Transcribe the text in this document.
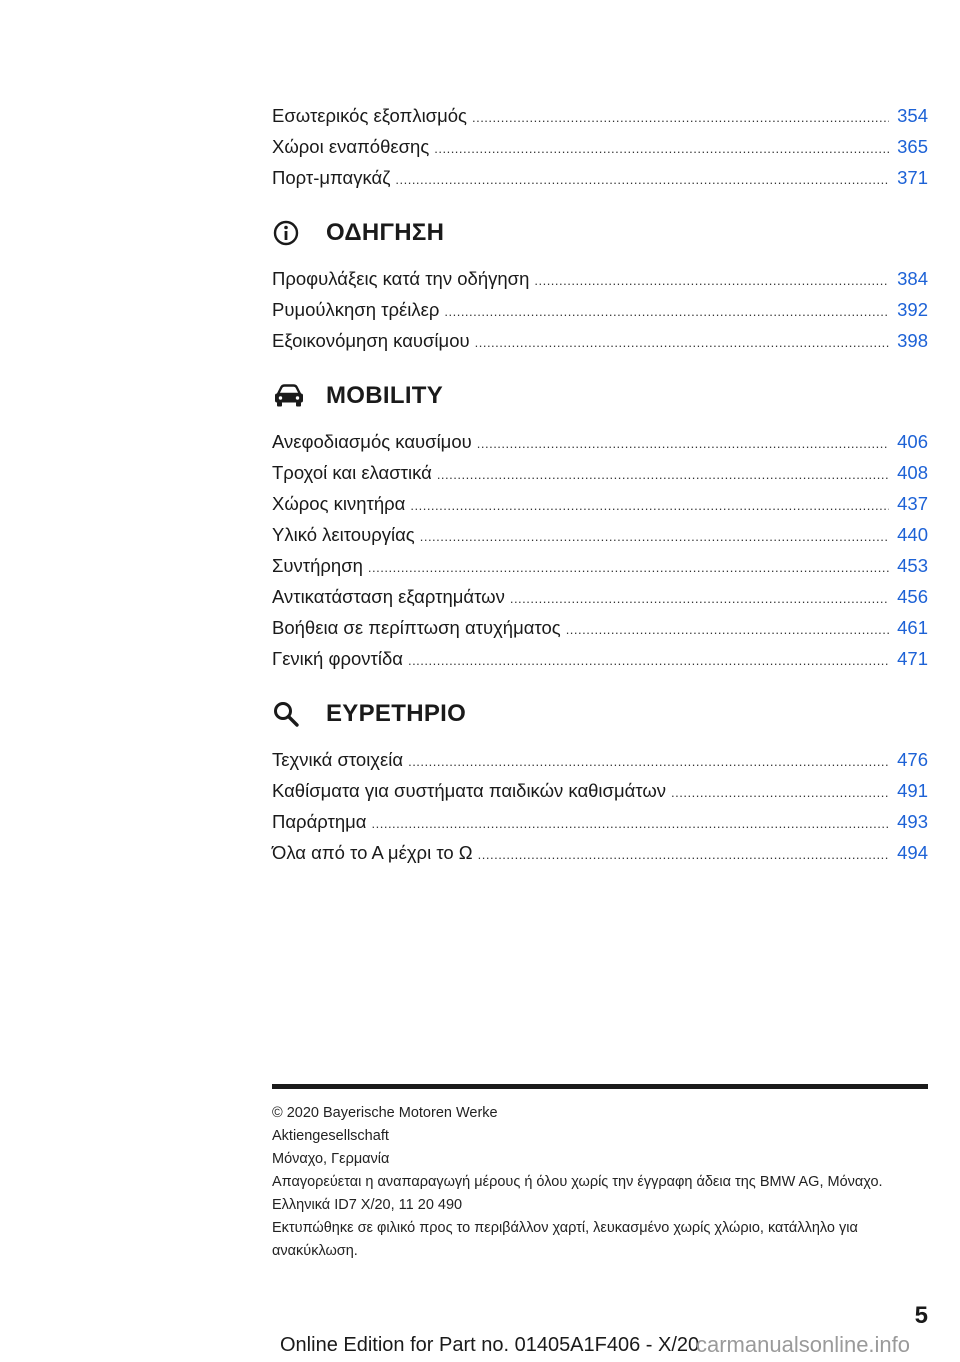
Εσωτερικός εξοπλισμός .....	354
Χώροι εναπόθεσης .....	365
Πορτ-μπαγκάζ .....	371
ΟΔΗΓΗΣΗ
Προφυλάξεις κατά την οδήγηση .....	384
Ρυμούλκηση τρέιλερ .....	392
Εξοικονόμηση καυσίμου .....	398
MOBILITY
Ανεφοδιασμός καυσίμου .....	406
Τροχοί και ελαστικά .....	408
Χώρος κινητήρα .....	437
Υλικό λειτουργίας .....	440
Συντήρηση .....	453
Αντικατάσταση εξαρτημάτων .....	456
Βοήθεια σε περίπτωση ατυχήματος .....	461
Γενική φροντίδα .....	471
ΕΥΡΕΤΗΡΙΟ
Τεχνικά στοιχεία .....	476
Καθίσματα για συστήματα παιδικών καθισμάτων .....	491
Παράρτημα .....	493
Όλα από το Α μέχρι το Ω .....	494
© 2020 Bayerische Motoren Werke
Aktiengesellschaft
Μόναχο, Γερμανία
Απαγορεύεται η αναπαραγωγή μέρους ή όλου χωρίς την έγγραφη άδεια της BMW AG, Μόναχο.
Ελληνικά ID7 X/20, 11 20 490
Εκτυπώθηκε σε φιλικό προς το περιβάλλον χαρτί, λευκασμένο χωρίς χλώριο, κατάλληλο για ανακύκλωση.
5
Online Edition for Part no. 01405A1F406 - X/20
carmanualsonline.info
